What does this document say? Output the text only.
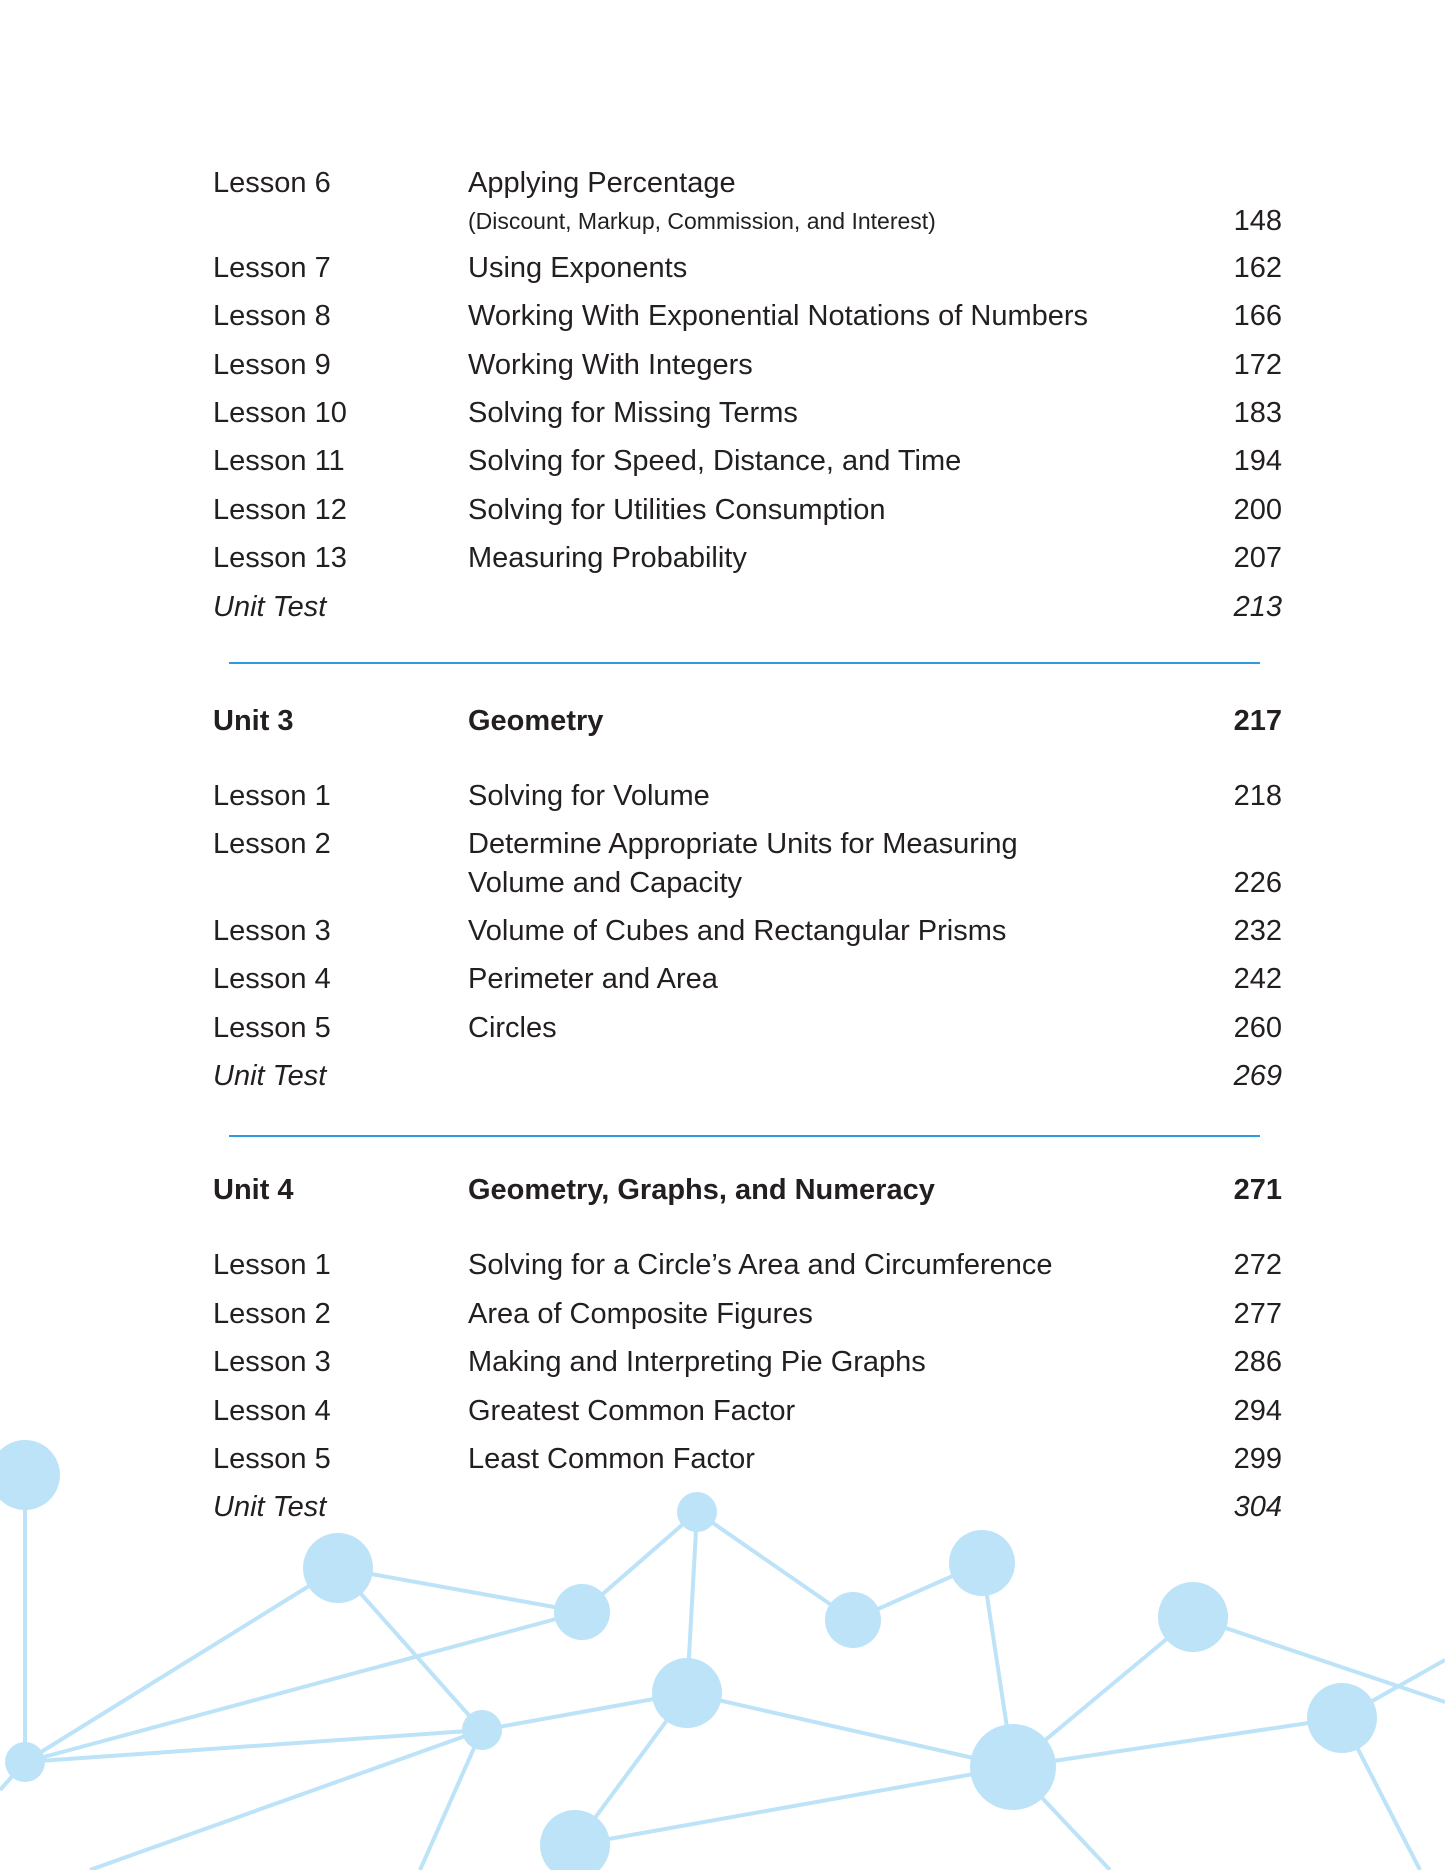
Lesson 6	Applying Percentage
(Discount, Markup, Commission, and Interest)	148
Lesson 7	Using Exponents	162
Lesson 8	Working With Exponential Notations of Numbers	166
Lesson 9	Working With Integers	172
Lesson 10	Solving for Missing Terms	183
Lesson 11	Solving for Speed, Distance, and Time	194
Lesson 12	Solving for Utilities Consumption	200
Lesson 13	Measuring Probability	207
Unit Test	213
Unit 3	Geometry	217
Lesson 1	Solving for Volume	218
Lesson 2	Determine Appropriate Units for Measuring
Volume and Capacity	226
Lesson 3	Volume of Cubes and Rectangular Prisms	232
Lesson 4	Perimeter and Area	242
Lesson 5	Circles	260
Unit Test	269
Unit 4	Geometry, Graphs, and Numeracy	271
Lesson 1	Solving for a Circle’s Area and Circumference	272
Lesson 2	Area of Composite Figures	277
Lesson 3	Making and Interpreting Pie Graphs	286
Lesson 4	Greatest Common Factor	294
Lesson 5	Least Common Factor	299
Unit Test	304
